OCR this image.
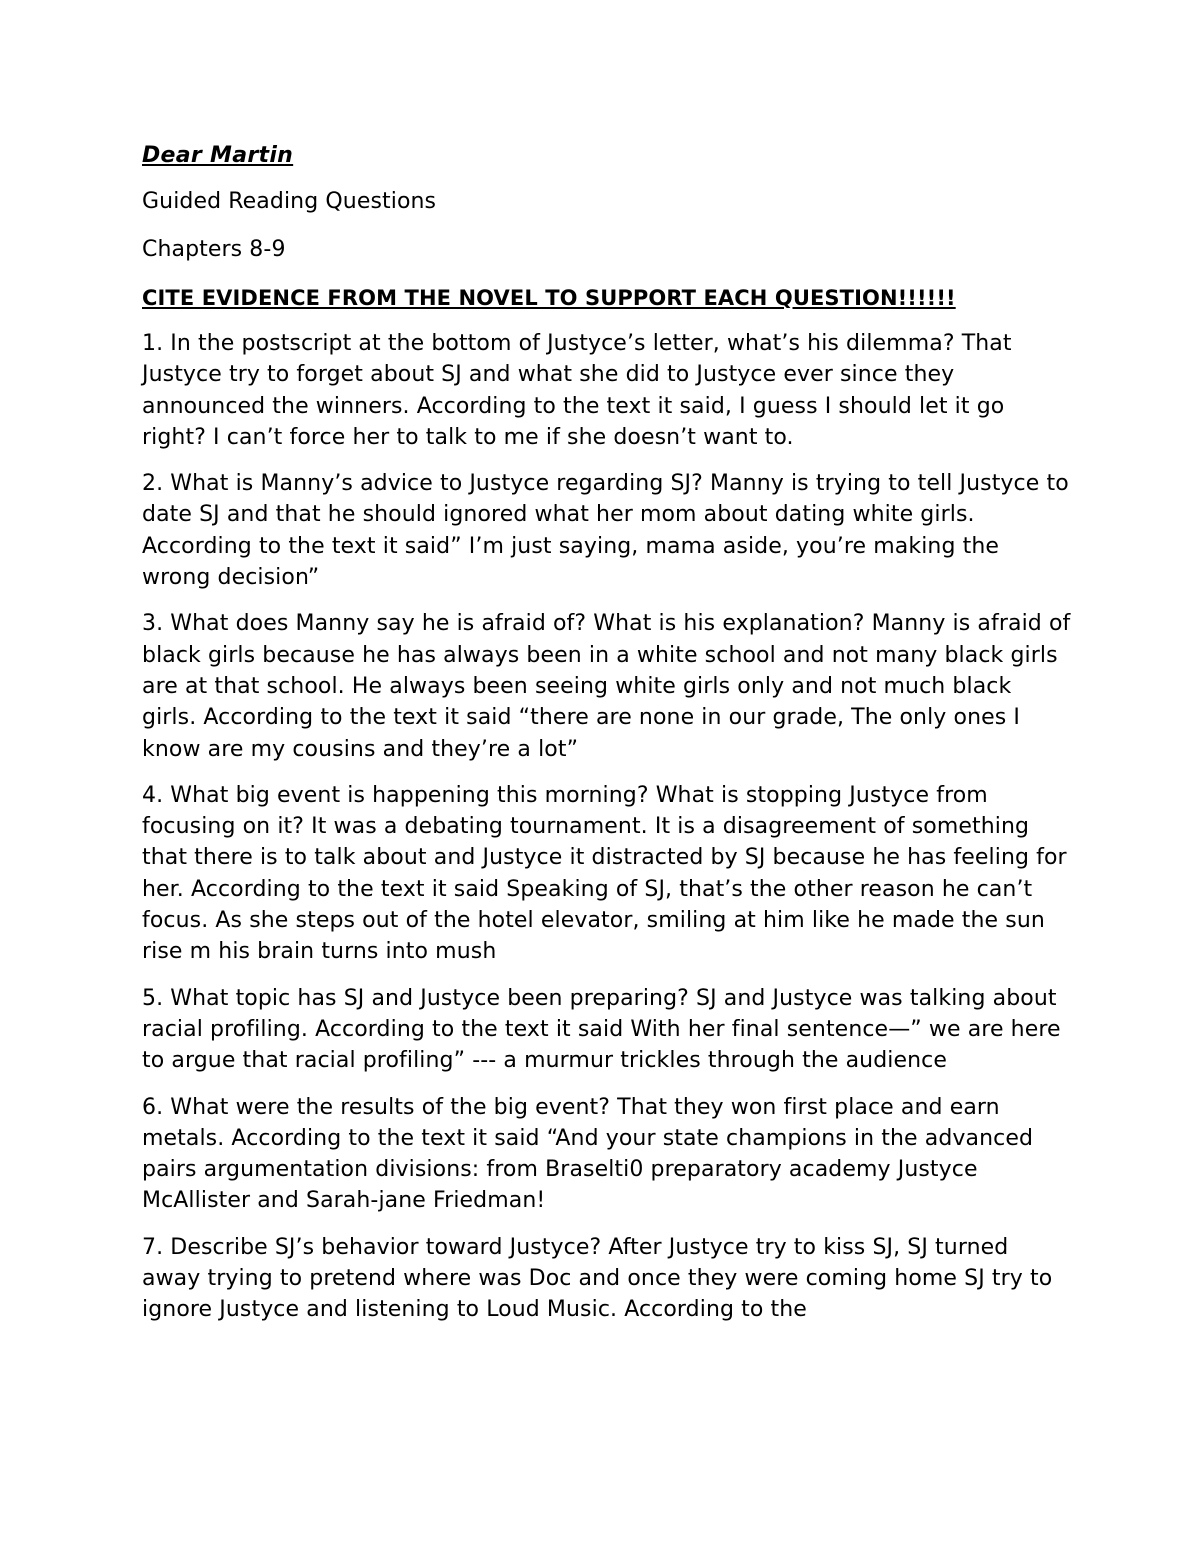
Dear Martin

Guided Reading Questions

Chapters 8-9

CITE EVIDENCE FROM THE NOVEL TO SUPPORT EACH QUESTION!!!!!!

1. In the postscript at the bottom of Justyce’s letter, what’s his dilemma? That Justyce try to forget about SJ and what she did to Justyce ever since they announced the winners. According to the text it said, I guess I should let it go right? I can’t force her to talk to me if she doesn’t want to.

2. What is Manny’s advice to Justyce regarding SJ? Manny is trying to tell Justyce to date SJ and that he should ignored what her mom about dating white girls. According to the text it said” I’m just saying, mama aside, you’re making the wrong decision”

3. What does Manny say he is afraid of? What is his explanation? Manny is afraid of black girls because he has always been in a white school and not many black girls are at that school. He always been seeing white girls only and not much black girls. According to the text it said “there are none in our grade, The only ones I know are my cousins and they’re a lot”

4. What big event is happening this morning? What is stopping Justyce from focusing on it? It was a debating tournament. It is a disagreement of something that there is to talk about and Justyce it distracted by SJ because he has feeling for her. According to the text it said Speaking of SJ, that’s the other reason he can’t focus. As she steps out of the hotel elevator, smiling at him like he made the sun rise m his brain turns into mush

5. What topic has SJ and Justyce been preparing? SJ and Justyce was talking about racial profiling. According to the text it said With her final sentence—” we are here to argue that racial profiling” --- a murmur trickles through the audience

6. What were the results of the big event? That they won first place and earn metals. According to the text it said “And your state champions in the advanced pairs argumentation divisions: from Braselti0 preparatory academy Justyce McAllister and Sarah-jane Friedman!

7. Describe SJ’s behavior toward Justyce? After Justyce try to kiss SJ, SJ turned away trying to pretend where was Doc and once they were coming home SJ try to ignore Justyce and listening to Loud Music. According to the
